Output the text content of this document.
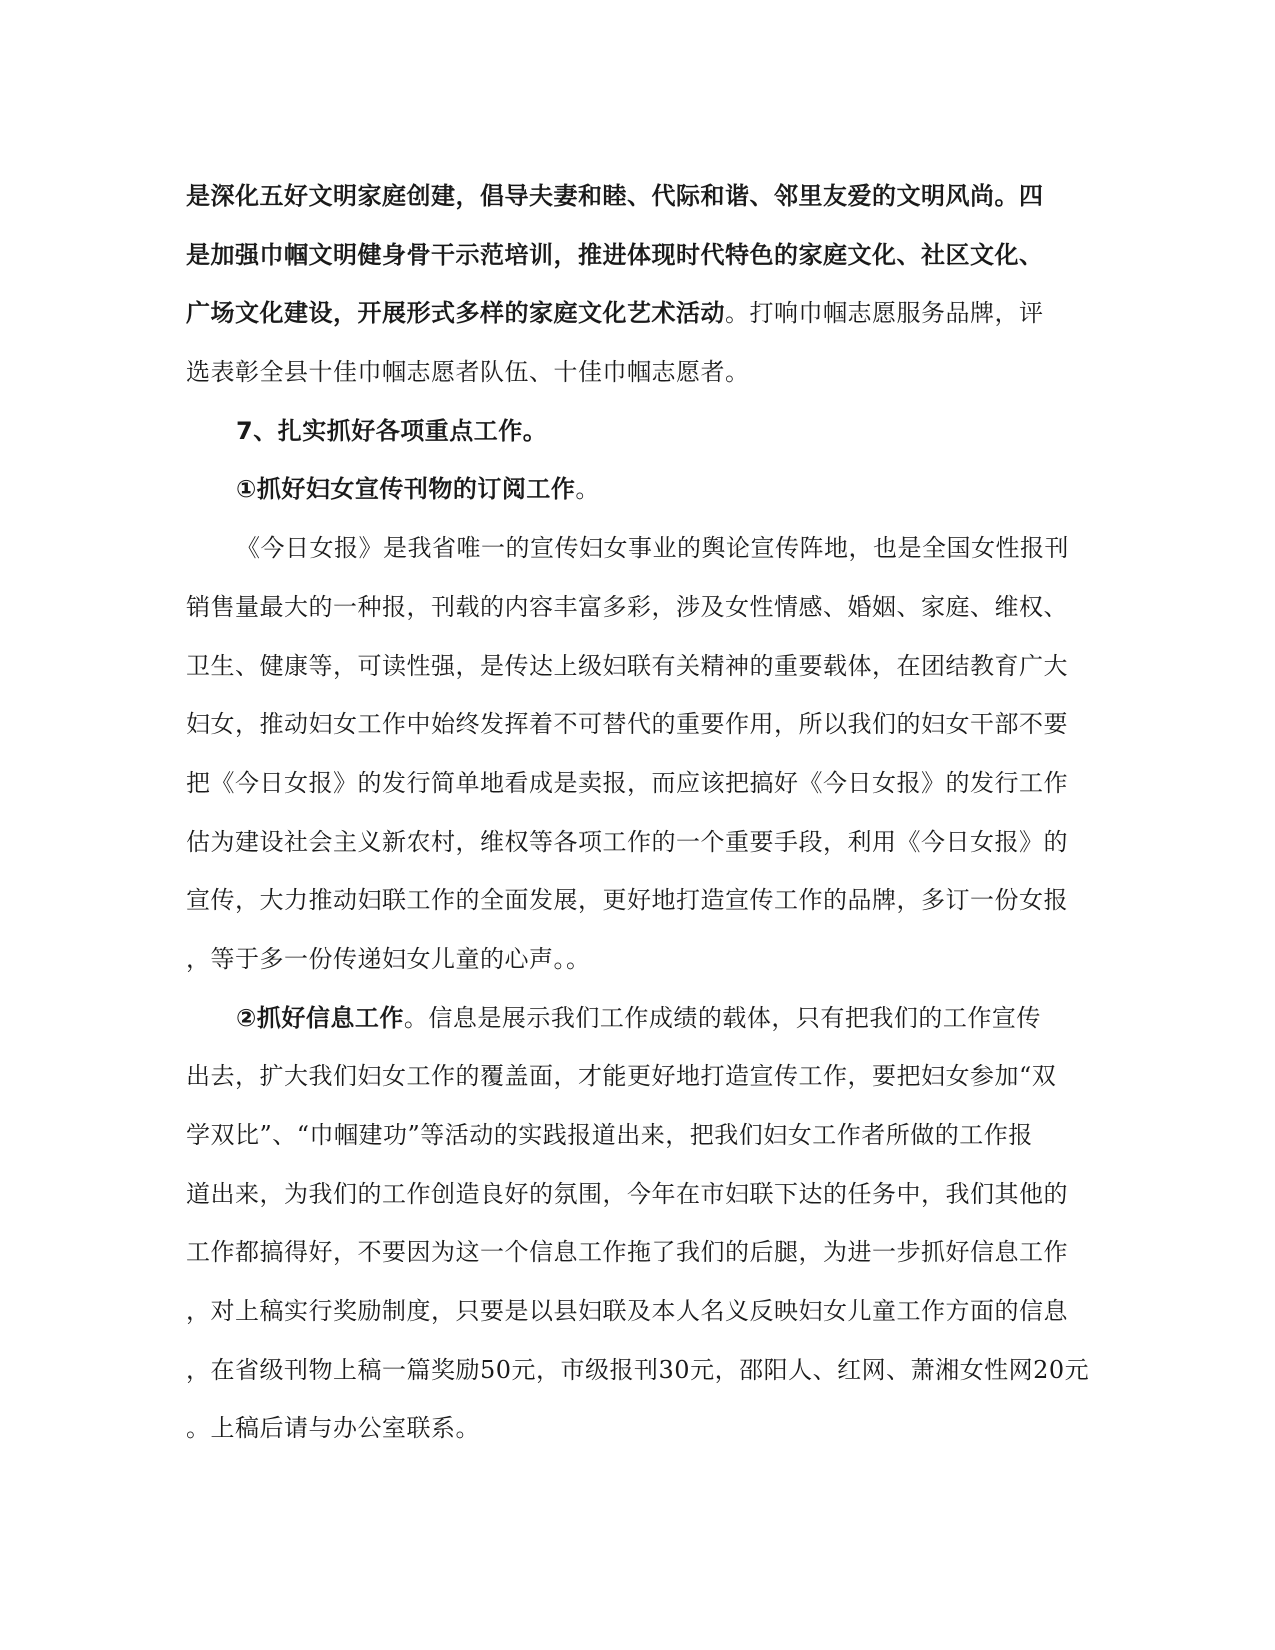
是深化五好文明家庭创建，倡导夫妻和睦、代际和谐、邻里友爱的文明风尚。四
是加强巾帼文明健身骨干示范培训，推进体现时代特色的家庭文化、社区文化、
广场文化建设，开展形式多样的家庭文化艺术活动。打响巾帼志愿服务品牌，评
选表彰全县十佳巾帼志愿者队伍、十佳巾帼志愿者。
7、扎实抓好各项重点工作。
①抓好妇女宣传刊物的订阅工作。
《今日女报》是我省唯一的宣传妇女事业的舆论宣传阵地，也是全国女性报刊
销售量最大的一种报，刊载的内容丰富多彩，涉及女性情感、婚姻、家庭、维权、
卫生、健康等，可读性强，是传达上级妇联有关精神的重要载体，在团结教育广大
妇女，推动妇女工作中始终发挥着不可替代的重要作用，所以我们的妇女干部不要
把《今日女报》的发行简单地看成是卖报，而应该把搞好《今日女报》的发行工作
估为建设社会主义新农村，维权等各项工作的一个重要手段，利用《今日女报》的
宣传，大力推动妇联工作的全面发展，更好地打造宣传工作的品牌，多订一份女报
，等于多一份传递妇女儿童的心声。。
②抓好信息工作。信息是展示我们工作成绩的载体，只有把我们的工作宣传
出去，扩大我们妇女工作的覆盖面，才能更好地打造宣传工作，要把妇女参加“双
学双比”、“巾帼建功”等活动的实践报道出来，把我们妇女工作者所做的工作报
道出来，为我们的工作创造良好的氛围，今年在市妇联下达的任务中，我们其他的
工作都搞得好，不要因为这一个信息工作拖了我们的后腿，为进一步抓好信息工作
，对上稿实行奖励制度，只要是以县妇联及本人名义反映妇女儿童工作方面的信息
，在省级刊物上稿一篇奖励50元，市级报刊30元，邵阳人、红网、萧湘女性网20元
。上稿后请与办公室联系。
